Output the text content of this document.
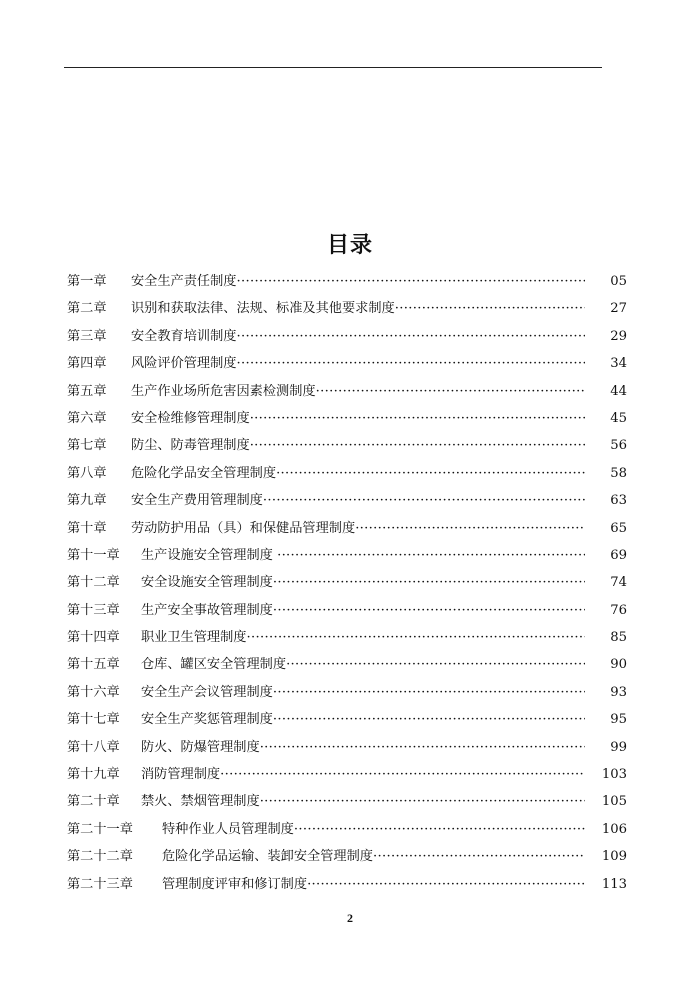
目录
第一章 安全生产责任制度 ·····	05
第二章 识别和获取法律、法规、标准及其他要求制度 ·····	27
第三章 安全教育培训制度 ·····	29
第四章 风险评价管理制度 ·····	34
第五章 生产作业场所危害因素检测制度 ·····	44
第六章 安全检维修管理制度 ·····	45
第七章 防尘、防毒管理制度 ·····	56
第八章 危险化学品安全管理制度 ·····	58
第九章 安全生产费用管理制度 ·····	63
第十章 劳动防护用品（具）和保健品管理制度 ·····	65
第十一章 生产设施安全管理制度 ·····	69
第十二章 安全设施安全管理制度 ·····	74
第十三章 生产安全事故管理制度 ·····	76
第十四章 职业卫生管理制度 ·····	85
第十五章 仓库、罐区安全管理制度 ·····	90
第十六章 安全生产会议管理制度 ·····	93
第十七章 安全生产奖惩管理制度 ·····	95
第十八章 防火、防爆管理制度 ·····	99
第十九章 消防管理制度 ·····	103
第二十章 禁火、禁烟管理制度 ·····	105
第二十一章 特种作业人员管理制度 ·····	106
第二十二章 危险化学品运输、装卸安全管理制度 ·····	109
第二十三章 管理制度评审和修订制度 ·····	113
2
